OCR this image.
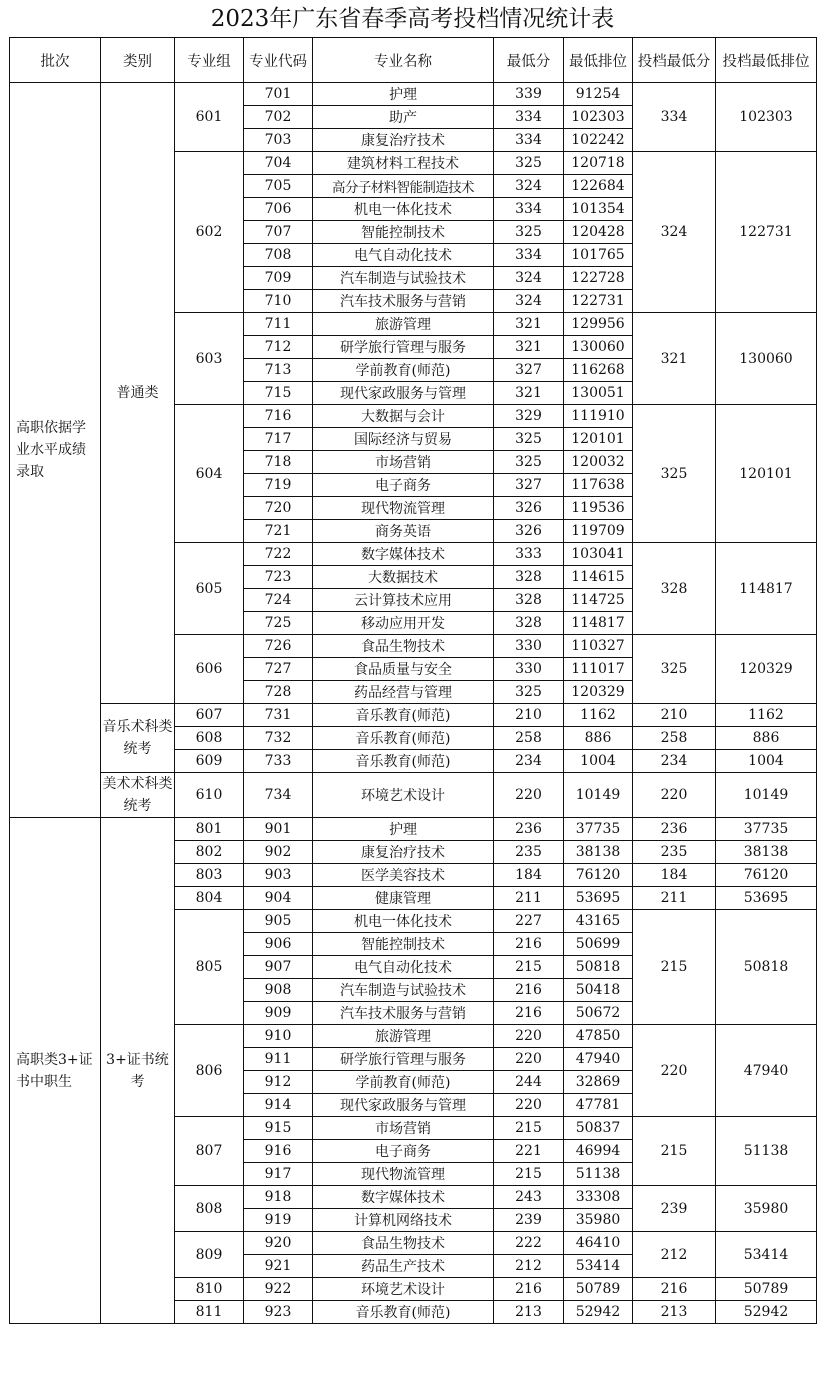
2023年广东省春季高考投档情况统计表
批次	类别	专业组	专业代码	专业名称	最低分	最低排位	投档最低分	投档最低排位
高职依据学业水平成绩录取	普通类	601	701	护理	339	91254	334	102303
			702	助产	334	102303		
			703	康复治疗技术	334	102242		
		602	704	建筑材料工程技术	325	120718	324	122731
			705	高分子材料智能制造技术	324	122684		
			706	机电一体化技术	334	101354		
			707	智能控制技术	325	120428		
			708	电气自动化技术	334	101765		
			709	汽车制造与试验技术	324	122728		
			710	汽车技术服务与营销	324	122731		
		603	711	旅游管理	321	129956	321	130060
			712	研学旅行管理与服务	321	130060		
			713	学前教育(师范)	327	116268		
			715	现代家政服务与管理	321	130051		
		604	716	大数据与会计	329	111910	325	120101
			717	国际经济与贸易	325	120101		
			718	市场营销	325	120032		
			719	电子商务	327	117638		
			720	现代物流管理	326	119536		
			721	商务英语	326	119709		
		605	722	数字媒体技术	333	103041	328	114817
			723	大数据技术	328	114615		
			724	云计算技术应用	328	114725		
			725	移动应用开发	328	114817		
		606	726	食品生物技术	330	110327	325	120329
			727	食品质量与安全	330	111017		
			728	药品经营与管理	325	120329		
	音乐术科类统考	607	731	音乐教育(师范)	210	1162	210	1162
		608	732	音乐教育(师范)	258	886	258	886
		609	733	音乐教育(师范)	234	1004	234	1004
	美术术科类统考	610	734	环境艺术设计	220	10149	220	10149
高职类3+证书中职生	3+证书统考	801	901	护理	236	37735	236	37735
		802	902	康复治疗技术	235	38138	235	38138
		803	903	医学美容技术	184	76120	184	76120
		804	904	健康管理	211	53695	211	53695
		805	905	机电一体化技术	227	43165	215	50818
			906	智能控制技术	216	50699		
			907	电气自动化技术	215	50818		
			908	汽车制造与试验技术	216	50418		
			909	汽车技术服务与营销	216	50672		
		806	910	旅游管理	220	47850	220	47940
			911	研学旅行管理与服务	220	47940		
			912	学前教育(师范)	244	32869		
			914	现代家政服务与管理	220	47781		
		807	915	市场营销	215	50837	215	51138
			916	电子商务	221	46994		
			917	现代物流管理	215	51138		
		808	918	数字媒体技术	243	33308	239	35980
			919	计算机网络技术	239	35980		
		809	920	食品生物技术	222	46410	212	53414
			921	药品生产技术	212	53414		
		810	922	环境艺术设计	216	50789	216	50789
		811	923	音乐教育(师范)	213	52942	213	52942
